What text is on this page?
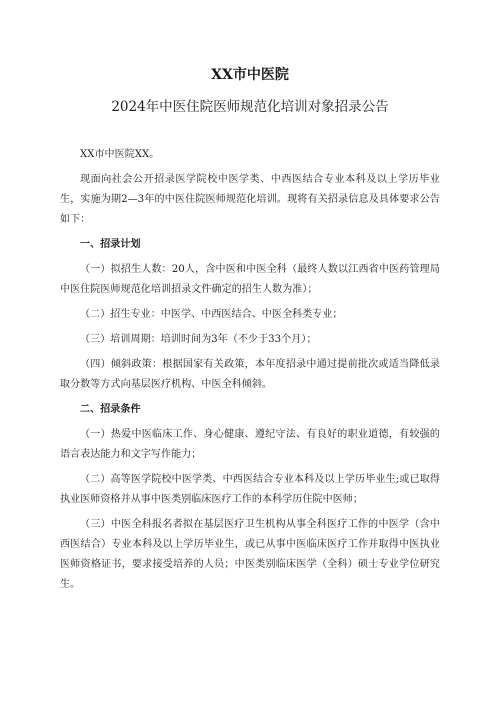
XX市中医院
2024年中医住院医师规范化培训对象招录公告

XX市中医院XX。

现面向社会公开招录医学院校中医学类、中西医结合专业本科及以上学历毕业生，实施为期2—3年的中医住院医师规范化培训。现将有关招录信息及具体要求公告如下：

一、招录计划

（一）拟招生人数：20人，含中医和中医全科（最终人数以江西省中医药管理局中医住院医师规范化培训招录文件确定的招生人数为准）；

（二）招生专业：中医学、中西医结合、中医全科类专业；

（三）培训周期：培训时间为3年（不少于33个月）；

（四）倾斜政策：根据国家有关政策，本年度招录中通过提前批次或适当降低录取分数等方式向基层医疗机构、中医全科倾斜。

二、招录条件

（一）热爱中医临床工作、身心健康、遵纪守法、有良好的职业道德，有较强的语言表达能力和文字写作能力；

（二）高等医学院校中医学类、中西医结合专业本科及以上学历毕业生;或已取得执业医师资格并从事中医类别临床医疗工作的本科学历住院中医师；

（三）中医全科报名者拟在基层医疗卫生机构从事全科医疗工作的中医学（含中西医结合）专业本科及以上学历毕业生，或已从事中医临床医疗工作并取得中医执业医师资格证书，要求接受培养的人员；中医类别临床医学（全科）硕士专业学位研究生。
